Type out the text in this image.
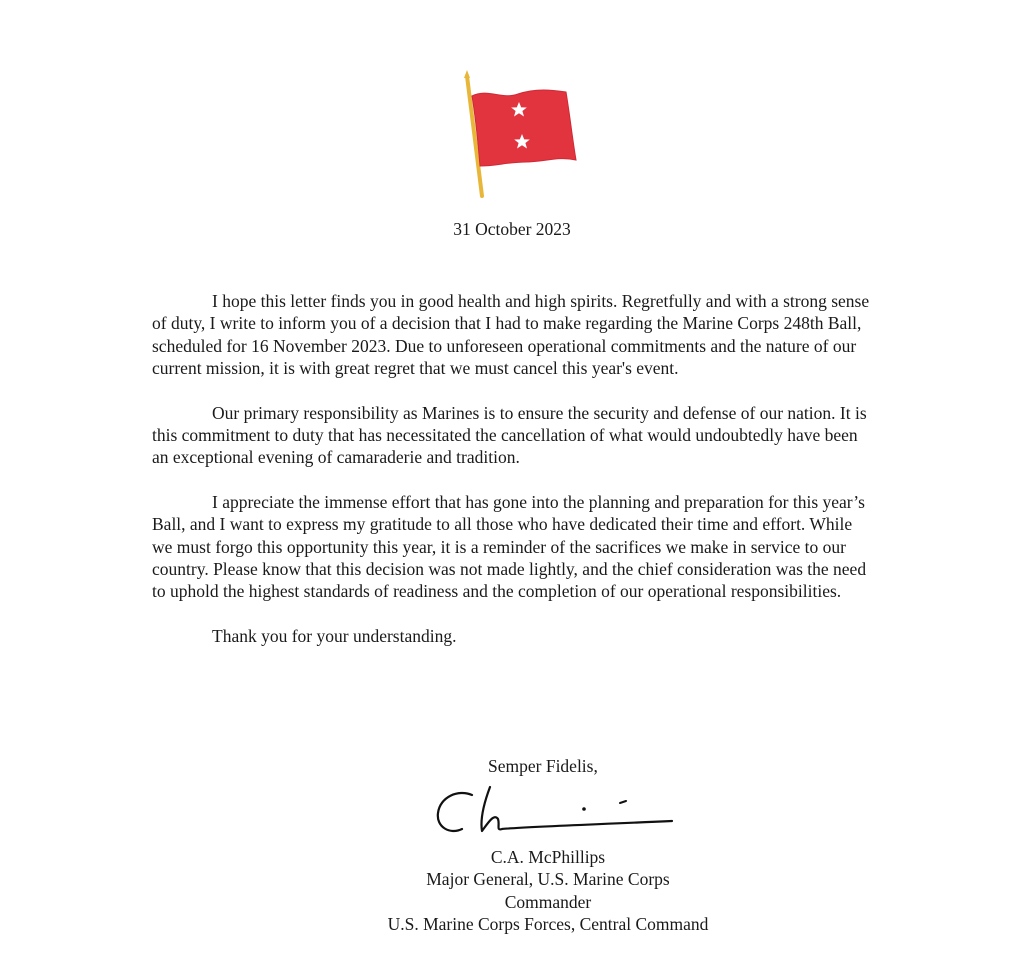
31 October 2023

I hope this letter finds you in good health and high spirits. Regretfully and with a strong sense of duty, I write to inform you of a decision that I had to make regarding the Marine Corps 248th Ball, scheduled for 16 November 2023. Due to unforeseen operational commitments and the nature of our current mission, it is with great regret that we must cancel this year's event.

Our primary responsibility as Marines is to ensure the security and defense of our nation. It is this commitment to duty that has necessitated the cancellation of what would undoubtedly have been an exceptional evening of camaraderie and tradition.

I appreciate the immense effort that has gone into the planning and preparation for this year’s Ball, and I want to express my gratitude to all those who have dedicated their time and effort. While we must forgo this opportunity this year, it is a reminder of the sacrifices we make in service to our country. Please know that this decision was not made lightly, and the chief consideration was the need to uphold the highest standards of readiness and the completion of our operational responsibilities.

Thank you for your understanding.

Semper Fidelis,
C.A. McPhillips
Major General, U.S. Marine Corps
Commander
U.S. Marine Corps Forces, Central Command
